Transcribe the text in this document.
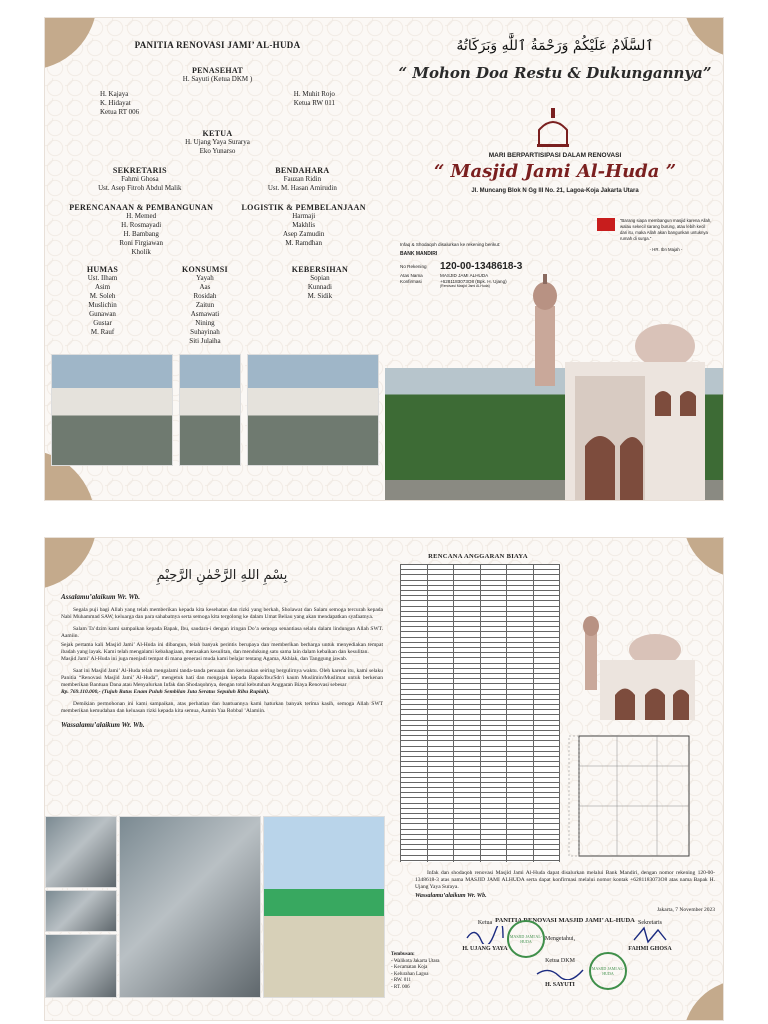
PANITIA RENOVASI JAMI’ AL-HUDA
PENASEHAT
H. Sayuti (Ketua DKM )
H. Kajaya
K. Hidayat
Ketua RT 006
H. Muhit Rojo
Ketua RW 011
KETUA
H. Ujang Yaya Surarya
Eko Yunarso
SEKRETARIS
Fahmi Ghosa
Ust. Asep Fitroh Abdul Malik
BENDAHARA
Fauzan Ridin
Ust. M. Hasan Amirudin
PERENCANAAN & PEMBANGUNAN
H. Memed
H. Rosmayadi
H. Bambang
Roni Firgiawan
Kholik
LOGISTIK & PEMBELANJAAN
Harmaji
Makhlis
Asep Zamudin
M. Ramdhan
HUMAS
Ust. Ilham
Asim
M. Soleh
Muslichin
Gunawan
Gustar
M. Rauf
KONSUMSI
Yayah
Aas
Rosidah
Zaitun
Asmawati
Nining
Suhayinah
Siti Julaiha
KEBERSIHAN
Sopian
Kunnadi
M. Sidik
ٱلسَّلَامُ عَلَيْكُمْ وَرَحْمَةُ ٱللَّٰهِ وَبَرَكَاتُهُ
“ Mohon Doa Restu & Dukungannya”
MARI BERPARTISIPASI DALAM RENOVASI
“ Masjid Jami Al-Huda ”
Jl. Muncang Blok N Gg III No. 21, Lagoa-Koja Jakarta Utara
“Barang siapa membangun masjid karena Allah, walau sekecil sarang burung, atau lebih kecil dari itu, maka Allah akan bangunkan untuknya rumah di surga.”
- HR. Ibn Majah -
Infaq & Shodaqoh disalurkan ke rekening berikut:
BANK MANDIRI
No Rekening	120-00-1348618-3
Atas Nama	MASJID JAMI ALHUDA
Konfirmasi	+6281183073O8 (Bpk. H. Ujang)
(Renovasi Masjid Jami Al-Huda)
بِسْمِ اللهِ الرَّحْمٰنِ الرَّحِيْمِ
Assalamu’alaikum Wr. Wb.
Segala puji bagi Allah yang telah memberikan kepada kita kesehatan dan rizki yang berkah, Sholawat dan Salam semoga tercurah kepada Nabi Muhammad SAW, keluarga dan para sahabatnya serta semoga kita tergolong ke dalam Umat Beliau yang akan mendapatkan syafaatnya.
Salam Ta’dzim kami sampaikan kepada Bapak, Ibu, saudara-i dengan iringan Do’a semoga senantiasa selalu dalam lindungan Allah SWT. Aamiin.
Sejak pertama kali Masjid Jami’ Al-Huda ini dibangun, telah banyak perintis berupaya dan memberikan berharga untuk menyediakan tempat ibadah yang layak. Kami telah mengalami kebahagiaan, merasakan kesulitan, dan mendukung satu sama lain dalam kebaikan dan kesulitan.
Masjid Jami’ Al-Huda ini juga menjadi tempat di mana generasi muda kami belajar tentang Agama, Akhlak, dan Tanggung jawab.
Saat ini Masjid Jami’ Al-Huda telah mengalami tanda-tanda penuaan dan kerusakan seiring bergulirnya waktu. Oleh karena itu, kami selaku Panitia “Renovasi Masjid Jami’ Al-Huda”, mengetuk hati dan mengajak kepada Bapak/Ibu/Sdr/i kaum Muslimin/Muslimat untuk berkenan memberikan Bantuan Dana atau Menyalurkan Infak dan Shodaqohnya, dengan total kebutuhan Anggaran Biaya Renovasi sebesar
Rp. 769.110.000,- (Tujuh Ratus Enam Puluh Sembilan Juta Seratus Sepuluh Ribu Rupiah).
Demikian permohonan ini kami sampaikan, atas perhatian dan bantuannya kami haturkan banyak terima kasih, semoga Allah SWT memberikan kemudahan dan keluasan rizki kepada kita semua, Aamin Yaa Robbal ’Alamiin.
Wassalamu’alaikum Wr. Wb.
RENCANA ANGGARAN BIAYA

Infak dan shodaqoh renovasi Masjid Jami Al-Huda dapat disalurkan melalui Bank Mandiri, dengan nomor rekening 120-00-1348618-3 atas nama MASJID JAMI ALHUDA serta dapat konfirmasi melalui nomor kontak +6281183073O8 atas nama Bapak H. Ujang Yaya Suraya.
Wassalamu’alaikum Wr. Wb.
Jakarta, 7 November 2023
PANITIA RENOVASI MASJID JAMI’ AL-HUDA
Ketua
H. UJANG YAYA
MASJID JAMI AL-HUDA
Sekretaris
FAHMI GHOSA
Mengetahui,
Ketua DKM
H. SAYUTI
MASJID JAMI AL-HUDA
Tembusan:
- Walikota Jakarta Utara
- Kecamatan Koja
- Kelurahan Lagoa
- RW. 011
- RT. 006
